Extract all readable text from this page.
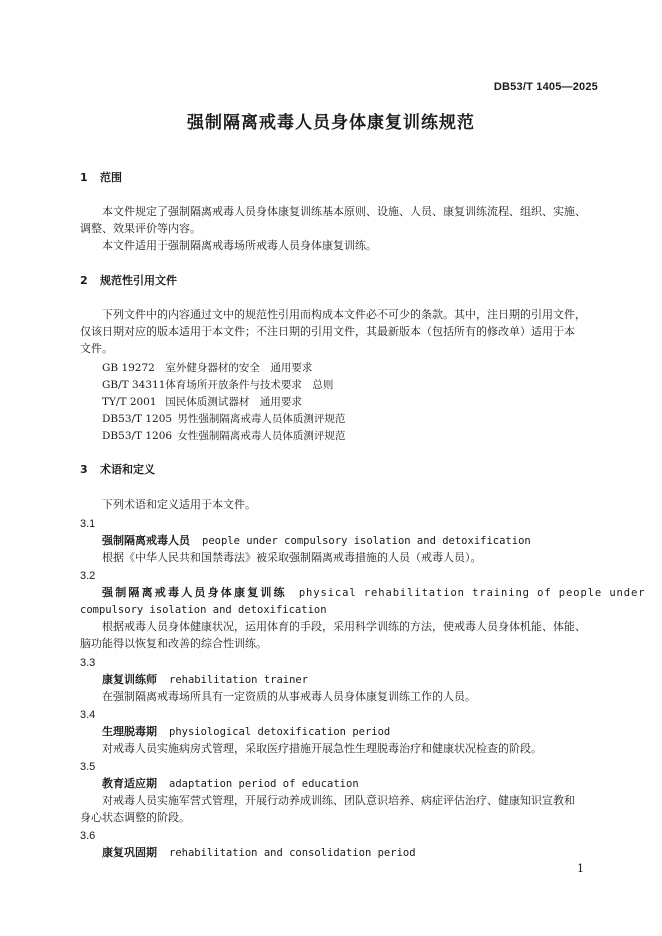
DB53/T 1405—2025
强制隔离戒毒人员身体康复训练规范
1 范围
本文件规定了强制隔离戒毒人员身体康复训练基本原则、设施、人员、康复训练流程、组织、实施、
调整、效果评价等内容。
本文件适用于强制隔离戒毒场所戒毒人员身体康复训练。
2 规范性引用文件
下列文件中的内容通过文中的规范性引用而构成本文件必不可少的条款。其中，注日期的引用文件，
仅该日期对应的版本适用于本文件；不注日期的引用文件，其最新版本（包括所有的修改单）适用于本
文件。
GB 19272 室外健身器材的安全　通用要求
GB/T 34311 体育场所开放条件与技术要求　总则
TY/T 2001 国民体质测试器材　通用要求
DB53/T 1205 男性强制隔离戒毒人员体质测评规范
DB53/T 1206 女性强制隔离戒毒人员体质测评规范
3 术语和定义
下列术语和定义适用于本文件。
3.1
强制隔离戒毒人员 people under compulsory isolation and detoxification
根据《中华人民共和国禁毒法》被采取强制隔离戒毒措施的人员（戒毒人员）。
3.2
强制隔离戒毒人员身体康复训练 physical rehabilitation training of people under
compulsory isolation and detoxification
根据戒毒人员身体健康状况，运用体育的手段，采用科学训练的方法，使戒毒人员身体机能、体能、
脑功能得以恢复和改善的综合性训练。
3.3
康复训练师 rehabilitation trainer
在强制隔离戒毒场所具有一定资质的从事戒毒人员身体康复训练工作的人员。
3.4
生理脱毒期 physiological detoxification period
对戒毒人员实施病房式管理，采取医疗措施开展急性生理脱毒治疗和健康状况检查的阶段。
3.5
教育适应期 adaptation period of education
对戒毒人员实施军营式管理，开展行动养成训练、团队意识培养、病症评估治疗、健康知识宣教和
身心状态调整的阶段。
3.6
康复巩固期 rehabilitation and consolidation period
1
